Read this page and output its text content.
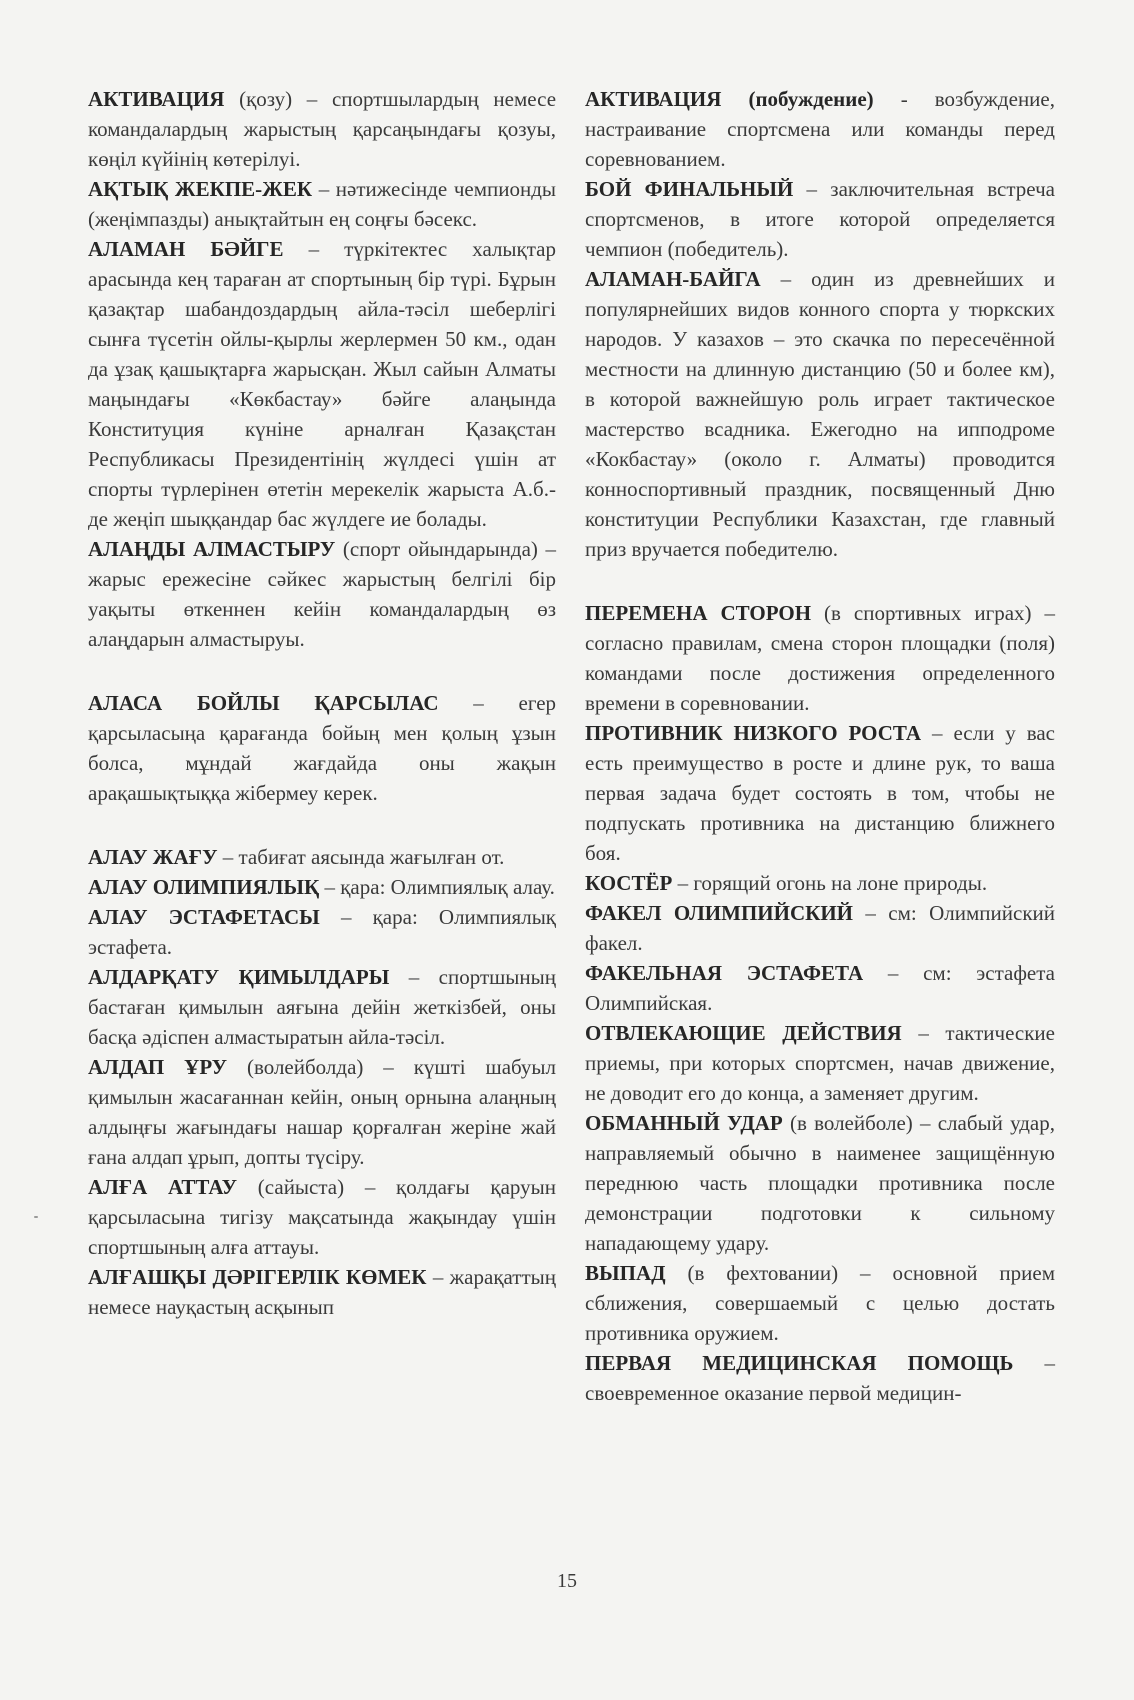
АКТИВАЦИЯ (қозу) – спортшылардың немесе командалардың жарыстың қарсаңындағы қозуы, көңіл күйінің көтерілуі.

АҚТЫҚ ЖЕКПЕ-ЖЕК – нәтижесінде чемпионды (жеңімпазды) анықтайтын ең соңғы бәсекс.

АЛАМАН БӘЙГЕ – түркітектес халықтар арасында кең тараған ат спортының бір түрі. Бұрын қазақтар шабандоздардың айла-тәсіл шеберлігі сынға түсетін ойлы-қырлы жерлермен 50 км., одан да ұзақ қашықтарға жарысқан. Жыл сайын Алматы маңындағы «Көкбастау» бәйге алаңында Конституция күніне арналған Қазақстан Республикасы Президентінің жүлдесі үшін ат спорты түрлерінен өтетін мерекелік жарыста А.б.-де жеңіп шыққандар бас жүлдеге ие болады.

АЛАҢДЫ АЛМАСТЫРУ (спорт ойындарында) – жарыс ережесіне сәйкес жарыстың белгілі бір уақыты өткеннен кейін командалардың өз алаңдарын алмастыруы.

АЛАСА БОЙЛЫ ҚАРСЫЛАС – егер қарсыласыңа қарағанда бойың мен қолың ұзын болса, мұндай жағдайда оны жақын арақашықтыққа жібермеу керек.

АЛАУ ЖАҒУ – табиғат аясында жағылған от.

АЛАУ ОЛИМПИЯЛЫҚ – қара: Олимпиялық алау.

АЛАУ ЭСТАФЕТАСЫ – қара: Олимпиялық эстафета.

АЛДАРҚАТУ ҚИМЫЛДАРЫ – спортшының бастаған қимылын аяғына дейін жеткізбей, оны басқа әдіспен алмастыратын айла-тәсіл.

АЛДАП ҰРУ (волейболда) – күшті шабуыл қимылын жасағаннан кейін, оның орнына алаңның алдыңғы жағындағы нашар қорғалған жеріне жай ғана алдап ұрып, допты түсіру.

АЛҒА АТТАУ (сайыста) – қолдағы қаруын қарсыласына тигізу мақсатында жақындау үшін спортшының алға аттауы.

АЛҒАШҚЫ ДӘРІГЕРЛІК КӨМЕК – жарақаттың немесе науқастың асқынып

АКТИВАЦИЯ (побуждение) - возбуждение, настраивание спортсмена или команды перед соревнованием.

БОЙ ФИНАЛЬНЫЙ – заключительная встреча спортсменов, в итоге которой определяется чемпион (победитель).

АЛАМАН-БАЙГА – один из древнейших и популярнейших видов конного спорта у тюркских народов. У казахов – это скачка по пересечённой местности на длинную дистанцию (50 и более км), в которой важнейшую роль играет тактическое мастерство всадника. Ежегодно на ипподроме «Кокбастау» (около г. Алматы) проводится конноспортивный праздник, посвященный Дню конституции Республики Казахстан, где главный приз вручается победителю.

ПЕРЕМЕНА СТОРОН (в спортивных играх) – согласно правилам, смена сторон площадки (поля) командами после достижения определенного времени в соревновании.

ПРОТИВНИК НИЗКОГО РОСТА – если у вас есть преимущество в росте и длине рук, то ваша первая задача будет состоять в том, чтобы не подпускать противника на дистанцию ближнего боя.

КОСТЁР – горящий огонь на лоне природы.

ФАКЕЛ ОЛИМПИЙСКИЙ – см: Олимпийский факел.

ФАКЕЛЬНАЯ ЭСТАФЕТА – см: эстафета Олимпийская.

ОТВЛЕКАЮЩИЕ ДЕЙСТВИЯ – тактические приемы, при которых спортсмен, начав движение, не доводит его до конца, а заменяет другим.

ОБМАННЫЙ УДАР (в волейболе) – слабый удар, направляемый обычно в наименее защищённую переднюю часть площадки противника после демонстрации подготовки к сильному нападающему удару.

ВЫПАД (в фехтовании) – основной прием сближения, совершаемый с целью достать противника оружием.

ПЕРВАЯ МЕДИЦИНСКАЯ ПОМОЩЬ – своевременное оказание первой медицин-

15
